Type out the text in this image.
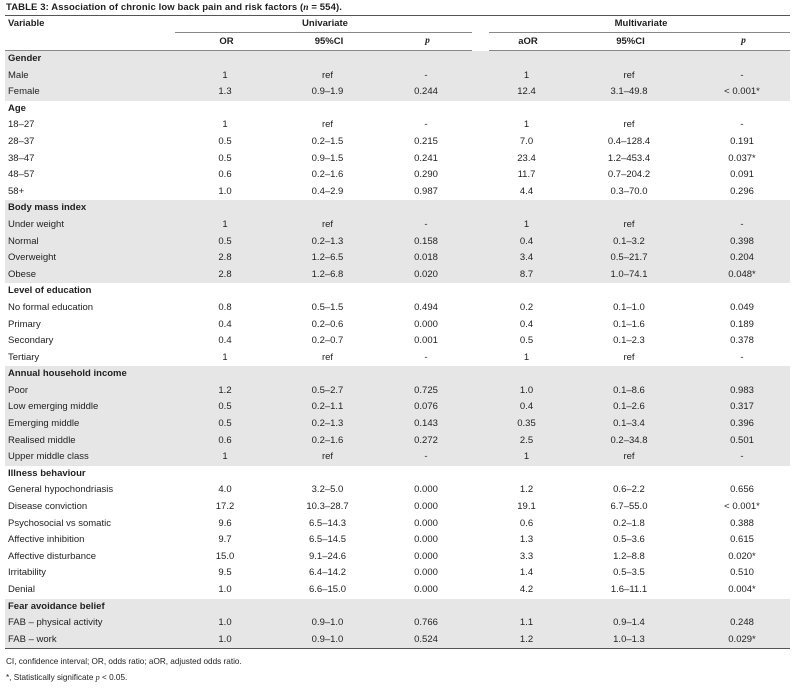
TABLE 3: Association of chronic low back pain and risk factors (n = 554).
Variable	Univariate				Multivariate		
	OR	95%CI	p		aOR	95%CI	p
Gender							
Male	1	ref	-		1	ref	-
Female	1.3	0.9–1.9	0.244		12.4	3.1–49.8	< 0.001*
Age							
18–27	1	ref	-		1	ref	-
28–37	0.5	0.2–1.5	0.215		7.0	0.4–128.4	0.191
38–47	0.5	0.9–1.5	0.241		23.4	1.2–453.4	0.037*
48–57	0.6	0.2–1.6	0.290		11.7	0.7–204.2	0.091
58+	1.0	0.4–2.9	0.987		4.4	0.3–70.0	0.296
Body mass index							
Under weight	1	ref	-		1	ref	-
Normal	0.5	0.2–1.3	0.158		0.4	0.1–3.2	0.398
Overweight	2.8	1.2–6.5	0.018		3.4	0.5–21.7	0.204
Obese	2.8	1.2–6.8	0.020		8.7	1.0–74.1	0.048*
Level of education							
No formal education	0.8	0.5–1.5	0.494		0.2	0.1–1.0	0.049
Primary	0.4	0.2–0.6	0.000		0.4	0.1–1.6	0.189
Secondary	0.4	0.2–0.7	0.001		0.5	0.1–2.3	0.378
Tertiary	1	ref	-		1	ref	-
Annual household income							
Poor	1.2	0.5–2.7	0.725		1.0	0.1–8.6	0.983
Low emerging middle	0.5	0.2–1.1	0.076		0.4	0.1–2.6	0.317
Emerging middle	0.5	0.2–1.3	0.143		0.35	0.1–3.4	0.396
Realised middle	0.6	0.2–1.6	0.272		2.5	0.2–34.8	0.501
Upper middle class	1	ref	-		1	ref	-
Illness behaviour							
General hypochondriasis	4.0	3.2–5.0	0.000		1.2	0.6–2.2	0.656
Disease conviction	17.2	10.3–28.7	0.000		19.1	6.7–55.0	< 0.001*
Psychosocial vs somatic	9.6	6.5–14.3	0.000		0.6	0.2–1.8	0.388
Affective inhibition	9.7	6.5–14.5	0.000		1.3	0.5–3.6	0.615
Affective disturbance	15.0	9.1–24.6	0.000		3.3	1.2–8.8	0.020*
Irritability	9.5	6.4–14.2	0.000		1.4	0.5–3.5	0.510
Denial	1.0	6.6–15.0	0.000		4.2	1.6–11.1	0.004*
Fear avoidance belief							
FAB – physical activity	1.0	0.9–1.0	0.766		1.1	0.9–1.4	0.248
FAB – work	1.0	0.9–1.0	0.524		1.2	1.0–1.3	0.029*
CI, confidence interval; OR, odds ratio; aOR, adjusted odds ratio.
*, Statistically significate p < 0.05.
